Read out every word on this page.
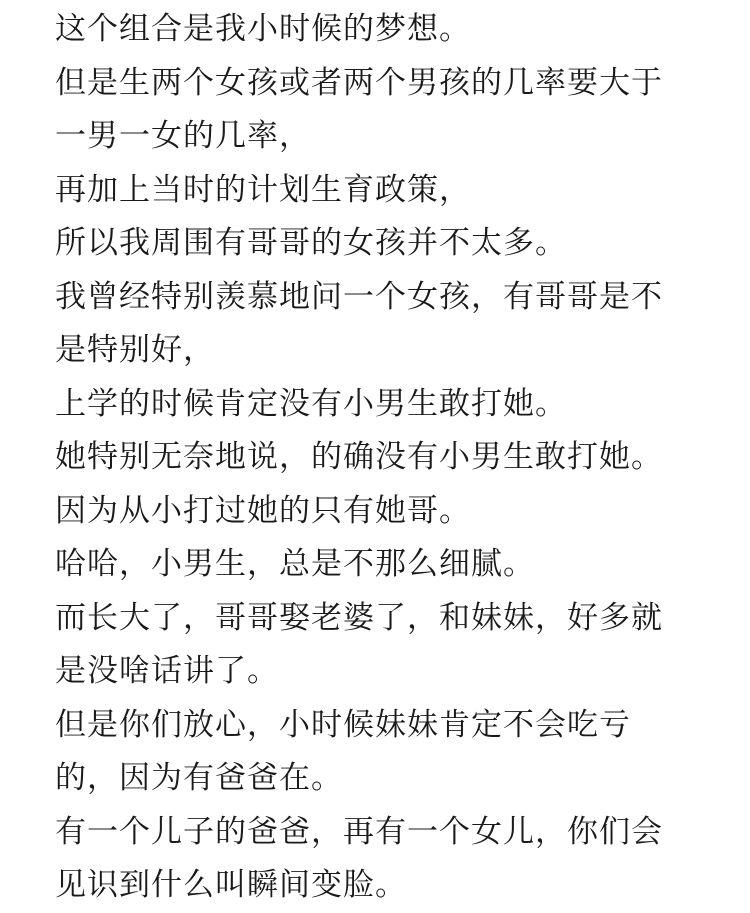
这个组合是我小时候的梦想。
但是生两个女孩或者两个男孩的几率要大于
一男一女的几率，
再加上当时的计划生育政策，
所以我周围有哥哥的女孩并不太多。
我曾经特别羡慕地问一个女孩，有哥哥是不
是特别好，
上学的时候肯定没有小男生敢打她。
她特别无奈地说，的确没有小男生敢打她。
因为从小打过她的只有她哥。
哈哈，小男生，总是不那么细腻。
而长大了，哥哥娶老婆了，和妹妹，好多就
是没啥话讲了。
但是你们放心，小时候妹妹肯定不会吃亏
的，因为有爸爸在。
有一个儿子的爸爸，再有一个女儿，你们会
见识到什么叫瞬间变脸。
